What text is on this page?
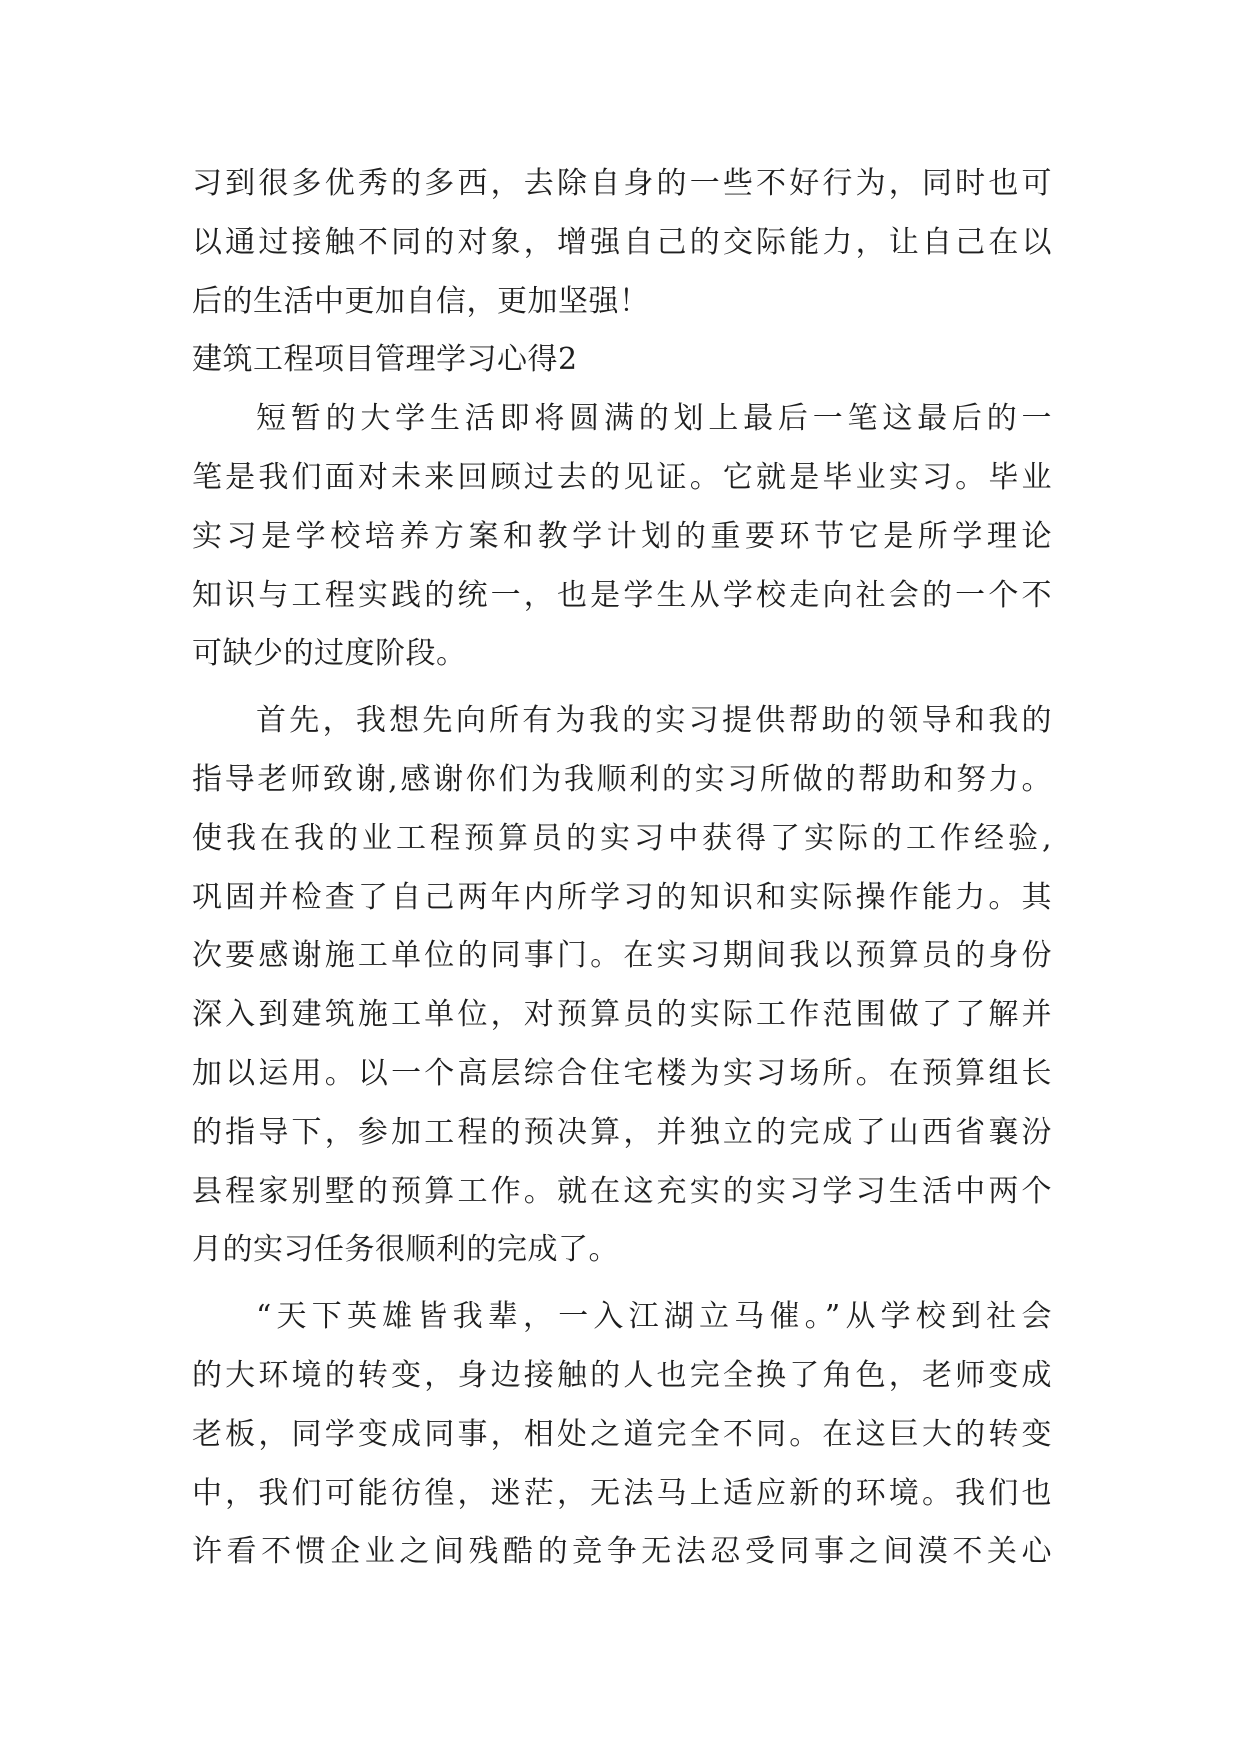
习到很多优秀的多西，去除自身的一些不好行为，同时也可
以通过接触不同的对象，增强自己的交际能力，让自己在以
后的生活中更加自信，更加坚强！
建筑工程项目管理学习心得2
短暂的大学生活即将圆满的划上最后一笔这最后的一
笔是我们面对未来回顾过去的见证。它就是毕业实习。毕业
实习是学校培养方案和教学计划的重要环节它是所学理论
知识与工程实践的统一，也是学生从学校走向社会的一个不
可缺少的过度阶段。
首先，我想先向所有为我的实习提供帮助的领导和我的
指导老师致谢,感谢你们为我顺利的实习所做的帮助和努力。
使我在我的业工程预算员的实习中获得了实际的工作经验,
巩固并检查了自己两年内所学习的知识和实际操作能力。其
次要感谢施工单位的同事门。在实习期间我以预算员的身份
深入到建筑施工单位，对预算员的实际工作范围做了了解并
加以运用。以一个高层综合住宅楼为实习场所。在预算组长
的指导下，参加工程的预决算，并独立的完成了山西省襄汾
县程家别墅的预算工作。就在这充实的实习学习生活中两个
月的实习任务很顺利的完成了。
“天下英雄皆我辈，一入江湖立马催。”从学校到社会
的大环境的转变，身边接触的人也完全换了角色，老师变成
老板，同学变成同事，相处之道完全不同。在这巨大的转变
中，我们可能彷徨，迷茫，无法马上适应新的环境。我们也
许看不惯企业之间残酷的竞争无法忍受同事之间漠不关心
